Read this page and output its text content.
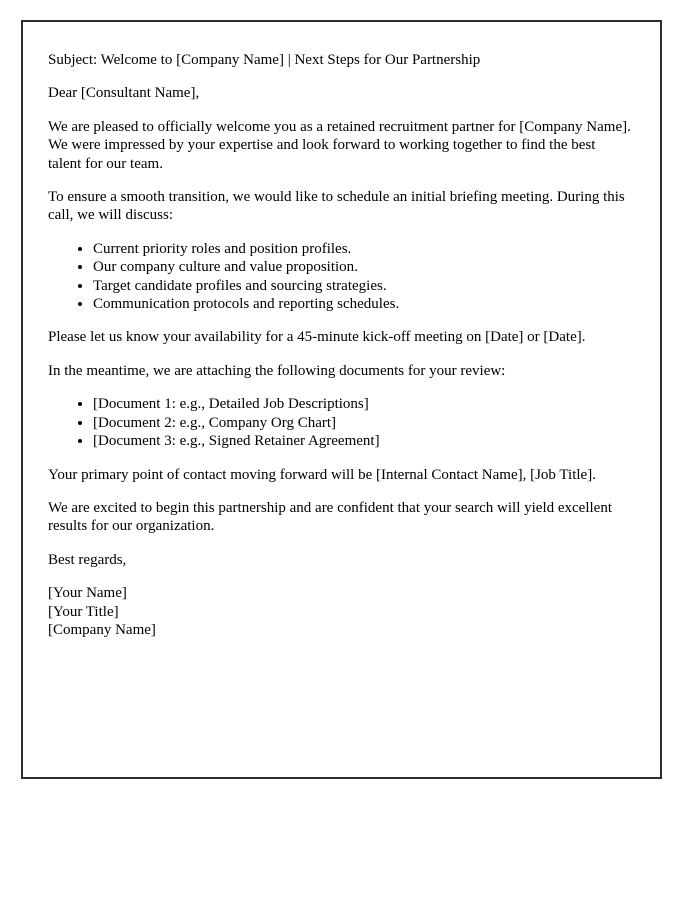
Subject: Welcome to [Company Name] | Next Steps for Our Partnership

Dear [Consultant Name],

We are pleased to officially welcome you as a retained recruitment partner for [Company Name]. We were impressed by your expertise and look forward to working together to find the best talent for our team.

To ensure a smooth transition, we would like to schedule an initial briefing meeting. During this call, we will discuss:

• Current priority roles and position profiles.
• Our company culture and value proposition.
• Target candidate profiles and sourcing strategies.
• Communication protocols and reporting schedules.

Please let us know your availability for a 45-minute kick-off meeting on [Date] or [Date].

In the meantime, we are attaching the following documents for your review:

• [Document 1: e.g., Detailed Job Descriptions]
• [Document 2: e.g., Company Org Chart]
• [Document 3: e.g., Signed Retainer Agreement]

Your primary point of contact moving forward will be [Internal Contact Name], [Job Title].

We are excited to begin this partnership and are confident that your search will yield excellent results for our organization.

Best regards,

[Your Name]
[Your Title]
[Company Name]
